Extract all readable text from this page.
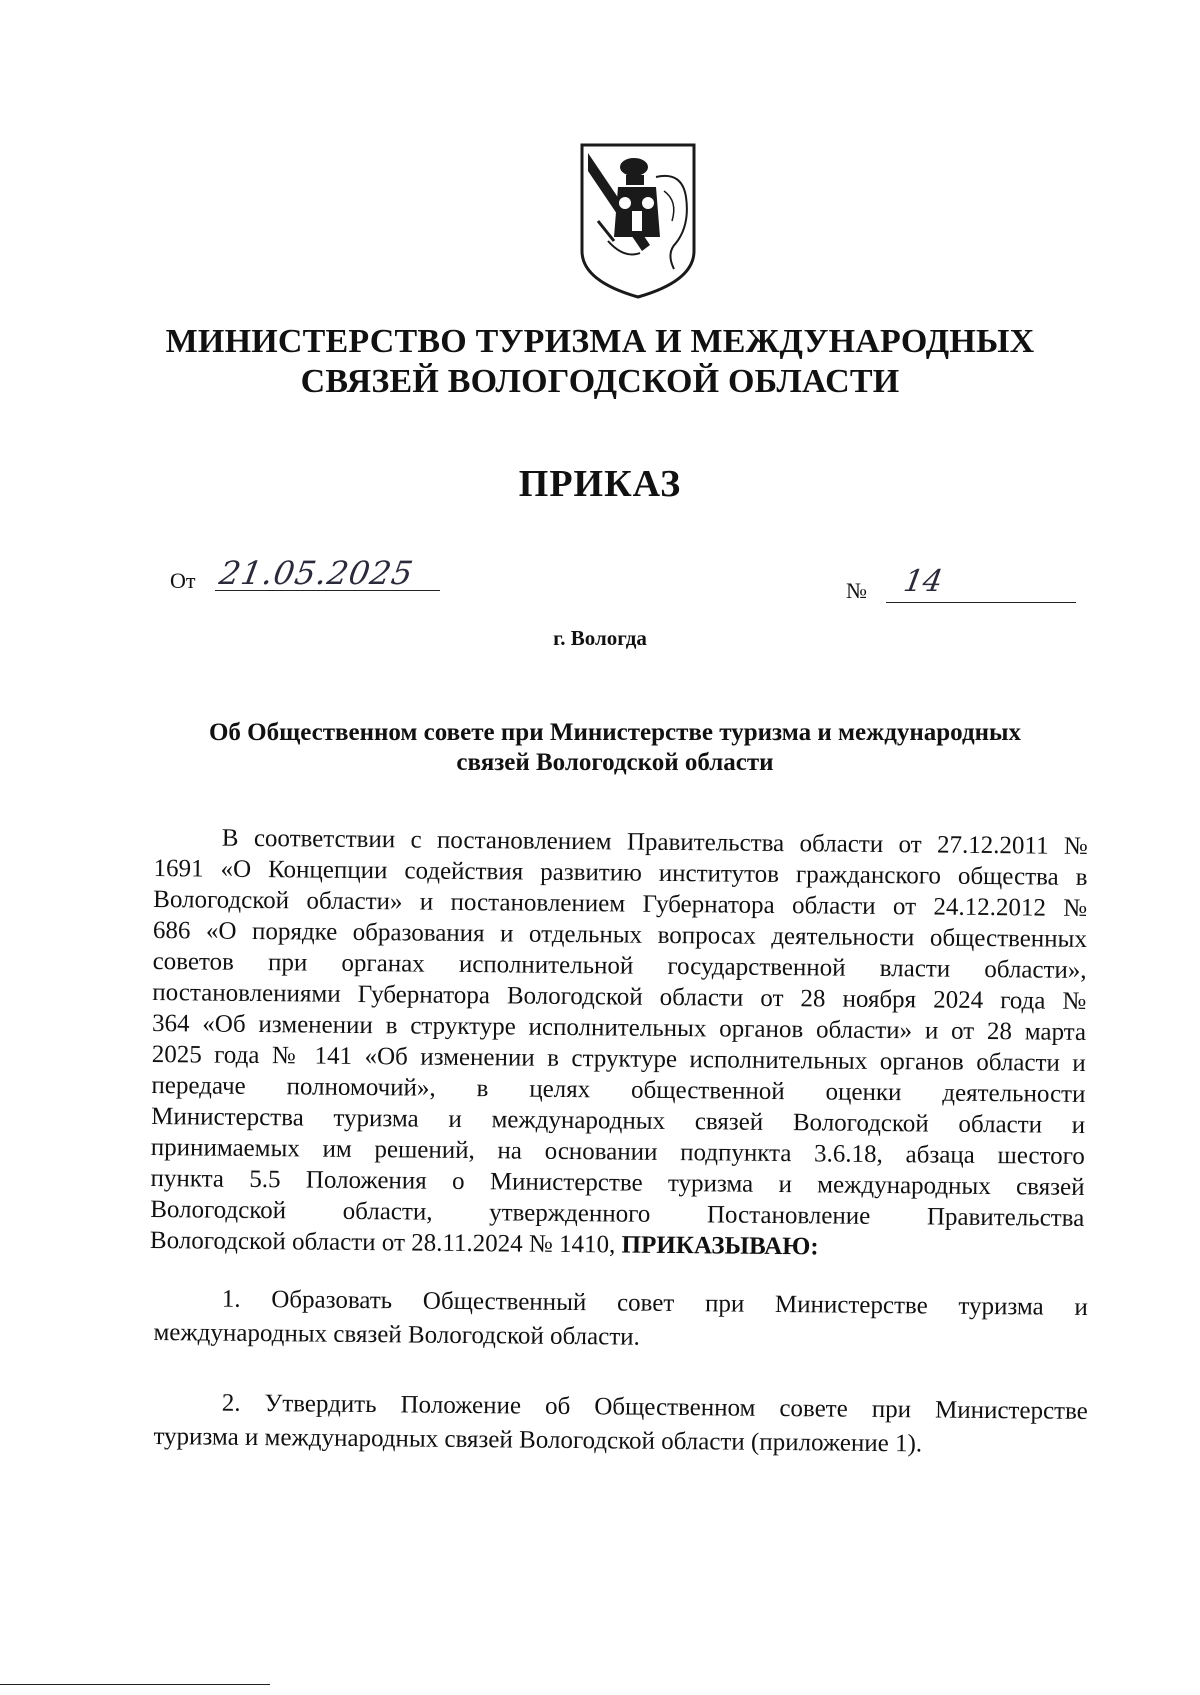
МИНИСТЕРСТВО ТУРИЗМА И МЕЖДУНАРОДНЫХ
СВЯЗЕЙ ВОЛОГОДСКОЙ ОБЛАСТИ
ПРИКАЗ
От 21.05.2025	№ 14
г. Вологда
Об Общественном совете при Министерстве туризма и международных
связей Вологодской области
В соответствии с постановлением Правительства области от 27.12.2011 №
1691 «О Концепции содействия развитию институтов гражданского общества в
Вологодской области» и постановлением Губернатора области от 24.12.2012 №
686 «О порядке образования и отдельных вопросах деятельности общественных
советов при органах исполнительной государственной власти области»,
постановлениями Губернатора Вологодской области от 28 ноября 2024 года №
364 «Об изменении в структуре исполнительных органов области» и от 28 марта
2025 года № 141 «Об изменении в структуре исполнительных органов области и
передаче полномочий», в целях общественной оценки деятельности
Министерства туризма и международных связей Вологодской области и
принимаемых им решений, на основании подпункта 3.6.18, абзаца шестого
пункта 5.5 Положения о Министерстве туризма и международных связей
Вологодской области, утвержденного Постановление Правительства
Вологодской области от 28.11.2024 № 1410, ПРИКАЗЫВАЮ:
1. Образовать Общественный совет при Министерстве туризма и
международных связей Вологодской области.
2. Утвердить Положение об Общественном совете при Министерстве
туризма и международных связей Вологодской области (приложение 1).
